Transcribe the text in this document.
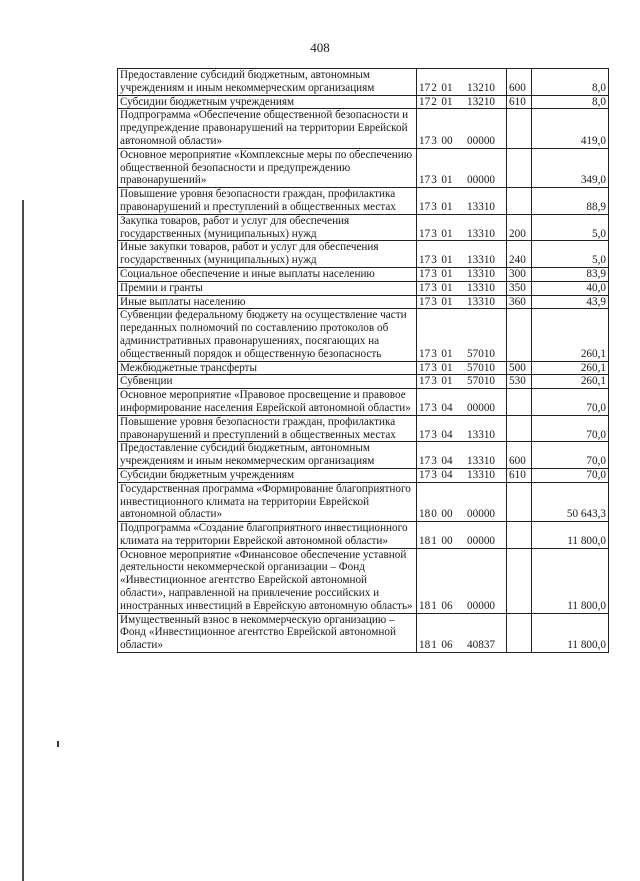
408
Предоставление субсидий бюджетным, автономным учреждениям и иным некоммерческим организациям	172 01 13210	600	8,0
Субсидии бюджетным учреждениям	172 01 13210	610	8,0
Подпрограмма «Обеспечение общественной безопасности и предупреждение правонарушений на территории Еврейской автономной области»	173 00 00000		419,0
Основное мероприятие «Комплексные меры по обеспечению общественной безопасности и предупреждению правонарушений»	173 01 00000		349,0
Повышение уровня безопасности граждан, профилактика правонарушений и преступлений в общественных местах	173 01 13310		88,9
Закупка товаров, работ и услуг для обеспечения государственных (муниципальных) нужд	173 01 13310	200	5,0
Иные закупки товаров, работ и услуг для обеспечения государственных (муниципальных) нужд	173 01 13310	240	5,0
Социальное обеспечение и иные выплаты населению	173 01 13310	300	83,9
Премии и гранты	173 01 13310	350	40,0
Иные выплаты населению	173 01 13310	360	43,9
Субвенции федеральному бюджету на осуществление части переданных полномочий по составлению протоколов об административных правонарушениях, посягающих на общественный порядок и общественную безопасность	173 01 57010		260,1
Межбюджетные трансферты	173 01 57010	500	260,1
Субвенции	173 01 57010	530	260,1
Основное мероприятие «Правовое просвещение и правовое информирование населения Еврейской автономной области»	173 04 00000		70,0
Повышение уровня безопасности граждан, профилактика правонарушений и преступлений в общественных местах	173 04 13310		70,0
Предоставление субсидий бюджетным, автономным учреждениям и иным некоммерческим организациям	173 04 13310	600	70,0
Субсидии бюджетным учреждениям	173 04 13310	610	70,0
Государственная программа «Формирование благоприятного инвестиционного климата на территории Еврейской автономной области»	180 00 00000		50 643,3
Подпрограмма «Создание благоприятного инвестиционного климата на территории Еврейской автономной области»	181 00 00000		11 800,0
Основное мероприятие «Финансовое обеспечение уставной деятельности некоммерческой организации – Фонд «Инвестиционное агентство Еврейской автономной области», направленной на привлечение российских и иностранных инвестиций в Еврейскую автономную область»	181 06 00000		11 800,0
Имущественный взнос в некоммерческую организацию – Фонд «Инвестиционное агентство Еврейской автономной области»	181 06 40837		11 800,0
